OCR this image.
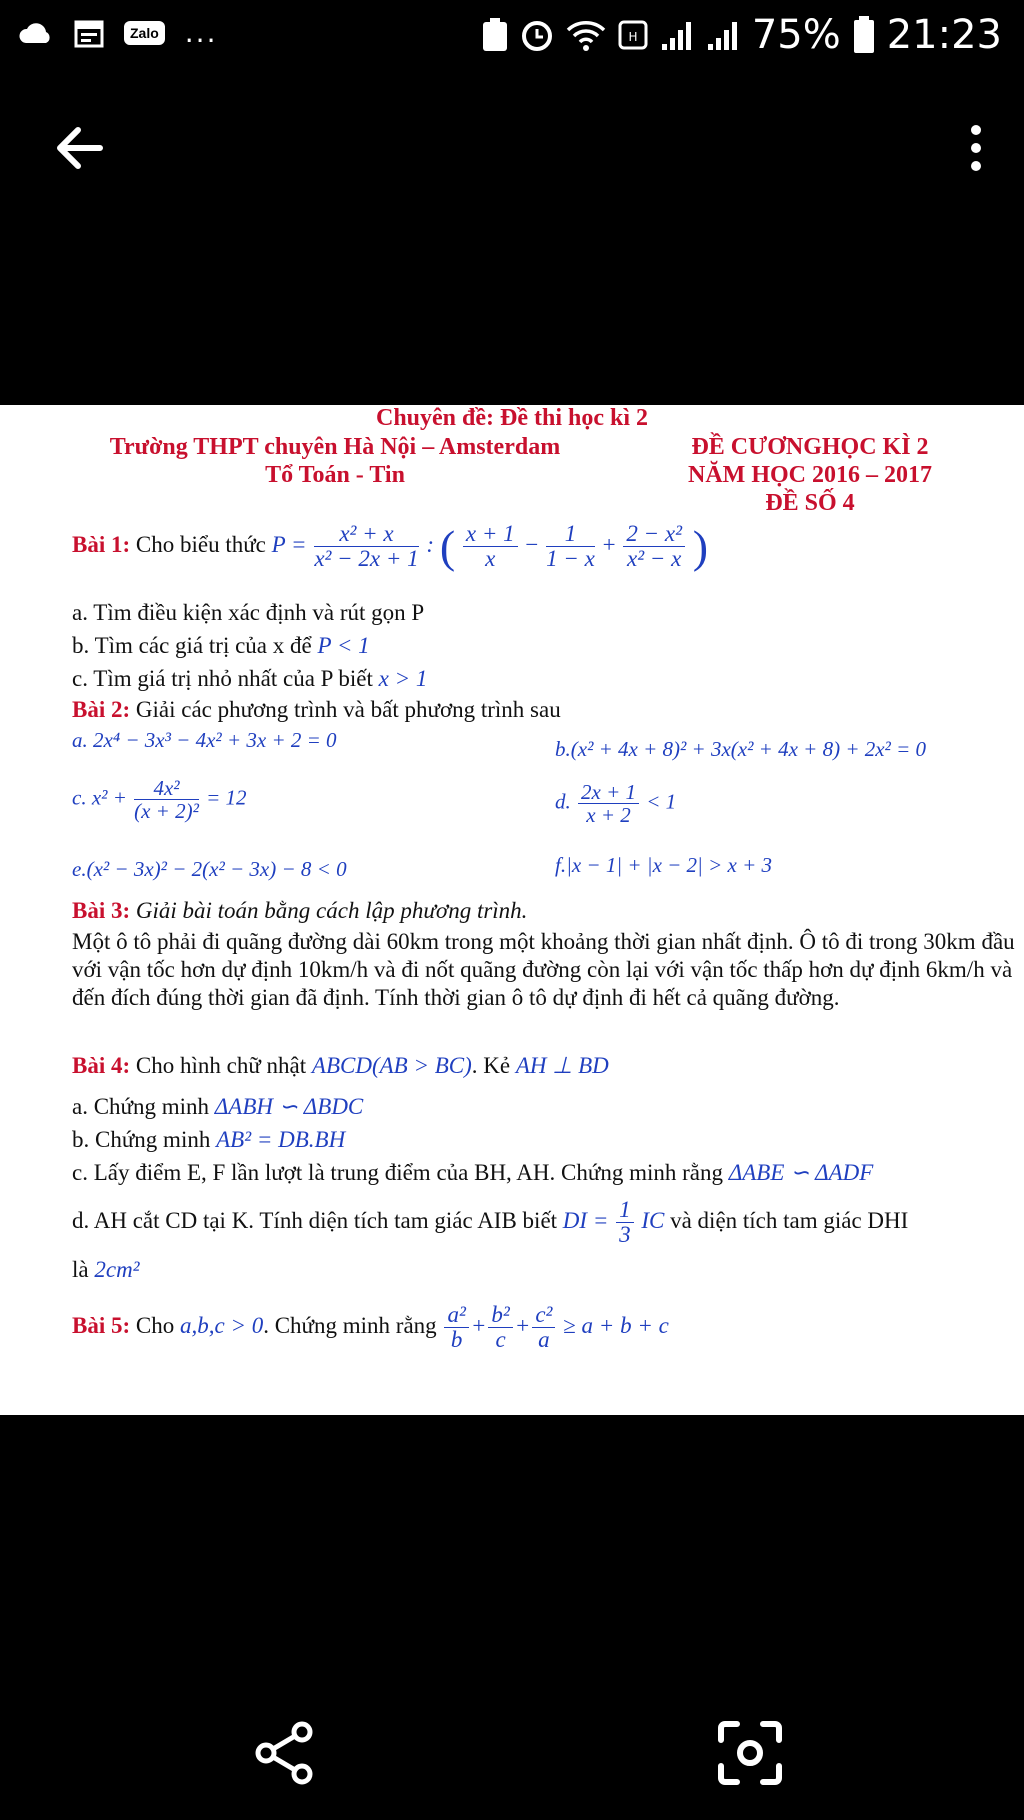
Zalo ...	H	75% 21:23
Chuyên đề: Đề thi học kì 2
Trường THPT chuyên Hà Nội – Amsterdam
Tổ Toán - Tin
ĐỀ CƯƠNGHỌC KÌ 2
NĂM HỌC 2016 – 2017
ĐỀ SỐ 4
Bài 1: Cho biểu thức $P = \frac{\text{x² + x}}{\text{x² − 2x + 1}}$ : ( $\frac{x + 1}{x} - \frac{1}{1 - x} + \frac{\text{2 − x²}}{\text{x² − x}}$ )
a. Tìm điều kiện xác định và rút gọn P
b. Tìm các giá trị của x để P < 1
c. Tìm giá trị nhỏ nhất của P biết x > 1
Bài 2: Giải các phương trình và bất phương trình sau
a. 2x⁴ − 3x³ − 4x² + 3x + 2 = 0	b.(x² + 4x + 8)² + 3x(x² + 4x + 8) + 2x² = 0
c. $x^2 + \frac{\text{4x²}}{\text{(x + 2)²}} = 12$	d. $\frac{2x + 1}{x + 2} < 1$
e.(x² − 3x)² − 2(x² − 3x) − 8 < 0	f.|x − 1| + |x − 2| > x + 3
Bài 3: Giải bài toán bằng cách lập phương trình.
Một ô tô phải đi quãng đường dài 60km trong một khoảng thời gian nhất định. Ô tô đi trong 30km đầu với vận tốc hơn dự định 10km/h và đi nốt quãng đường còn lại với vận tốc thấp hơn dự định 6km/h và đến đích đúng thời gian đã định. Tính thời gian ô tô dự định đi hết cả quãng đường.
Bài 4: Cho hình chữ nhật ABCD(AB > BC). Kẻ AH ⊥ BD
a. Chứng minh ΔABH ∽ ΔBDC
b. Chứng minh AB² = DB.BH
c. Lấy điểm E, F lần lượt là trung điểm của BH, AH. Chứng minh rằng ΔABE ∽ ΔADF
d. AH cắt CD tại K. Tính diện tích tam giác AIB biết DI = $\frac{1}{3}$ IC và diện tích tam giác DHI
là 2cm²
Bài 5: Cho a,b,c > 0. Chứng minh rằng $\frac{\text{a²}}{b} + \frac{\text{b²}}{c} + \frac{\text{c²}}{a} \ge a + b + c$
